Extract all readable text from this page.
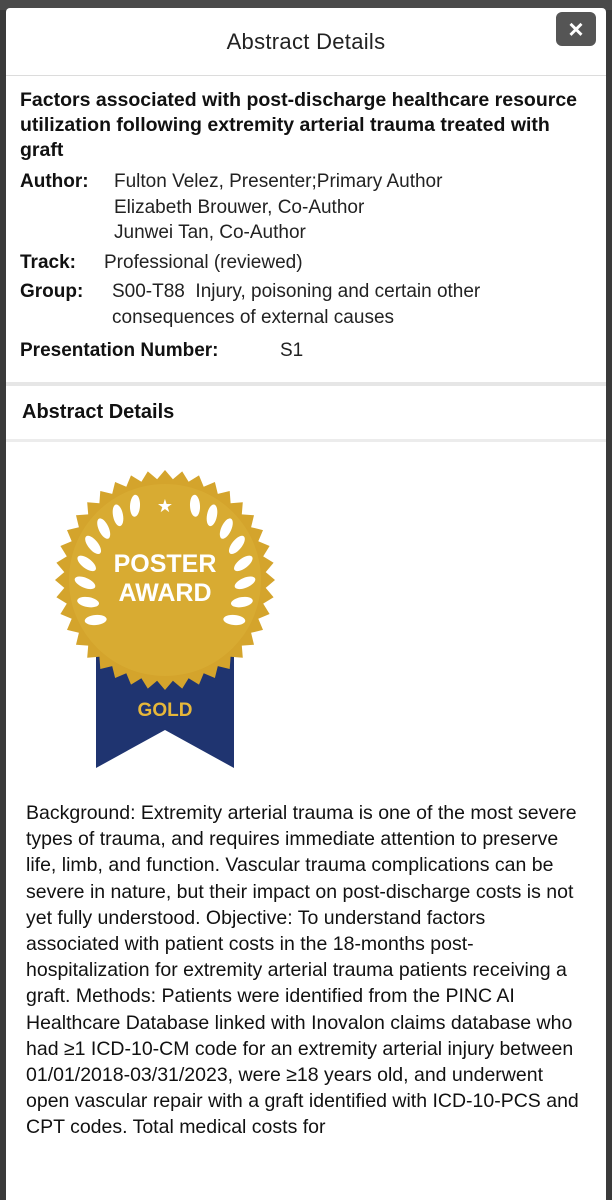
Abstract Details
Factors associated with post-discharge healthcare resource utilization following extremity arterial trauma treated with graft
Author:	Fulton Velez, Presenter;Primary Author
Elizabeth Brouwer, Co-Author
Junwei Tan, Co-Author
Track:	Professional (reviewed)
Group:	S00-T88  Injury, poisoning and certain other consequences of external causes
Presentation Number:	S1
Abstract Details
×
★
POSTER
AWARD
GOLD
Background: Extremity arterial trauma is one of the most severe types of trauma, and requires immediate attention to preserve life, limb, and function. Vascular trauma complications can be severe in nature, but their impact on post-discharge costs is not yet fully understood. Objective: To understand factors associated with patient costs in the 18-months post-hospitalization for extremity arterial trauma patients receiving a graft. Methods: Patients were identified from the PINC AI Healthcare Database linked with Inovalon claims database who had ≥1 ICD-10-CM code for an extremity arterial injury between 01/01/2018-03/31/2023, were ≥18 years old, and underwent open vascular repair with a graft identified with ICD-10-PCS and CPT codes. Total medical costs for
